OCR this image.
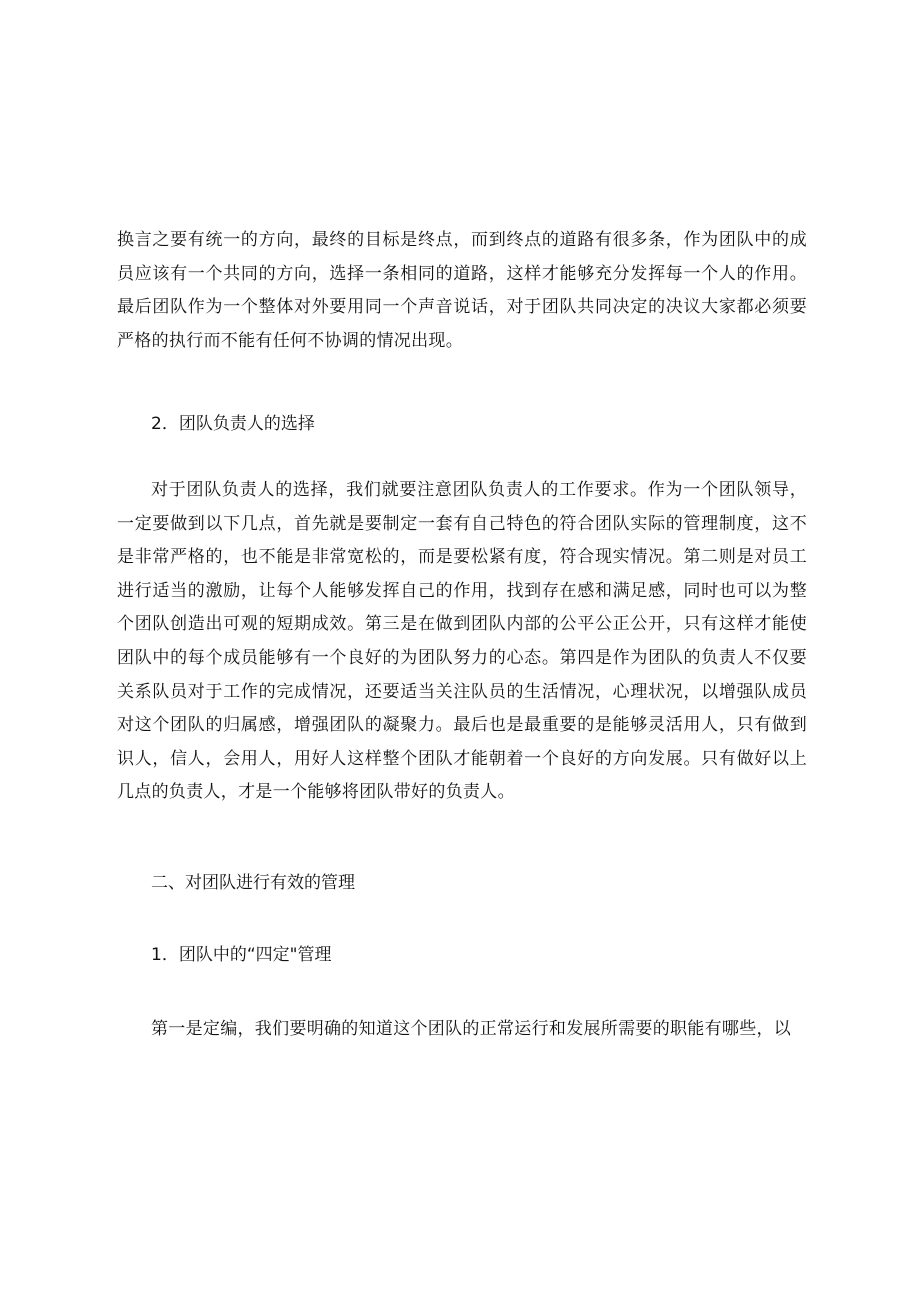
换言之要有统一的方向，最终的目标是终点，而到终点的道路有很多条，作为团队中的成员应该有一个共同的方向，选择一条相同的道路，这样才能够充分发挥每一个人的作用。最后团队作为一个整体对外要用同一个声音说话，对于团队共同决定的决议大家都必须要严格的执行而不能有任何不协调的情况出现。

2．团队负责人的选择

对于团队负责人的选择，我们就要注意团队负责人的工作要求。作为一个团队领导，一定要做到以下几点，首先就是要制定一套有自己特色的符合团队实际的管理制度，这不是非常严格的，也不能是非常宽松的，而是要松紧有度，符合现实情况。第二则是对员工进行适当的激励，让每个人能够发挥自己的作用，找到存在感和满足感，同时也可以为整个团队创造出可观的短期成效。第三是在做到团队内部的公平公正公开，只有这样才能使团队中的每个成员能够有一个良好的为团队努力的心态。第四是作为团队的负责人不仅要关系队员对于工作的完成情况，还要适当关注队员的生活情况，心理状况，以增强队成员对这个团队的归属感，增强团队的凝聚力。最后也是最重要的是能够灵活用人，只有做到识人，信人，会用人，用好人这样整个团队才能朝着一个良好的方向发展。只有做好以上几点的负责人，才是一个能够将团队带好的负责人。

二、对团队进行有效的管理
1．团队中的“四定"管理

第一是定编，我们要明确的知道这个团队的正常运行和发展所需要的职能有哪些，以
